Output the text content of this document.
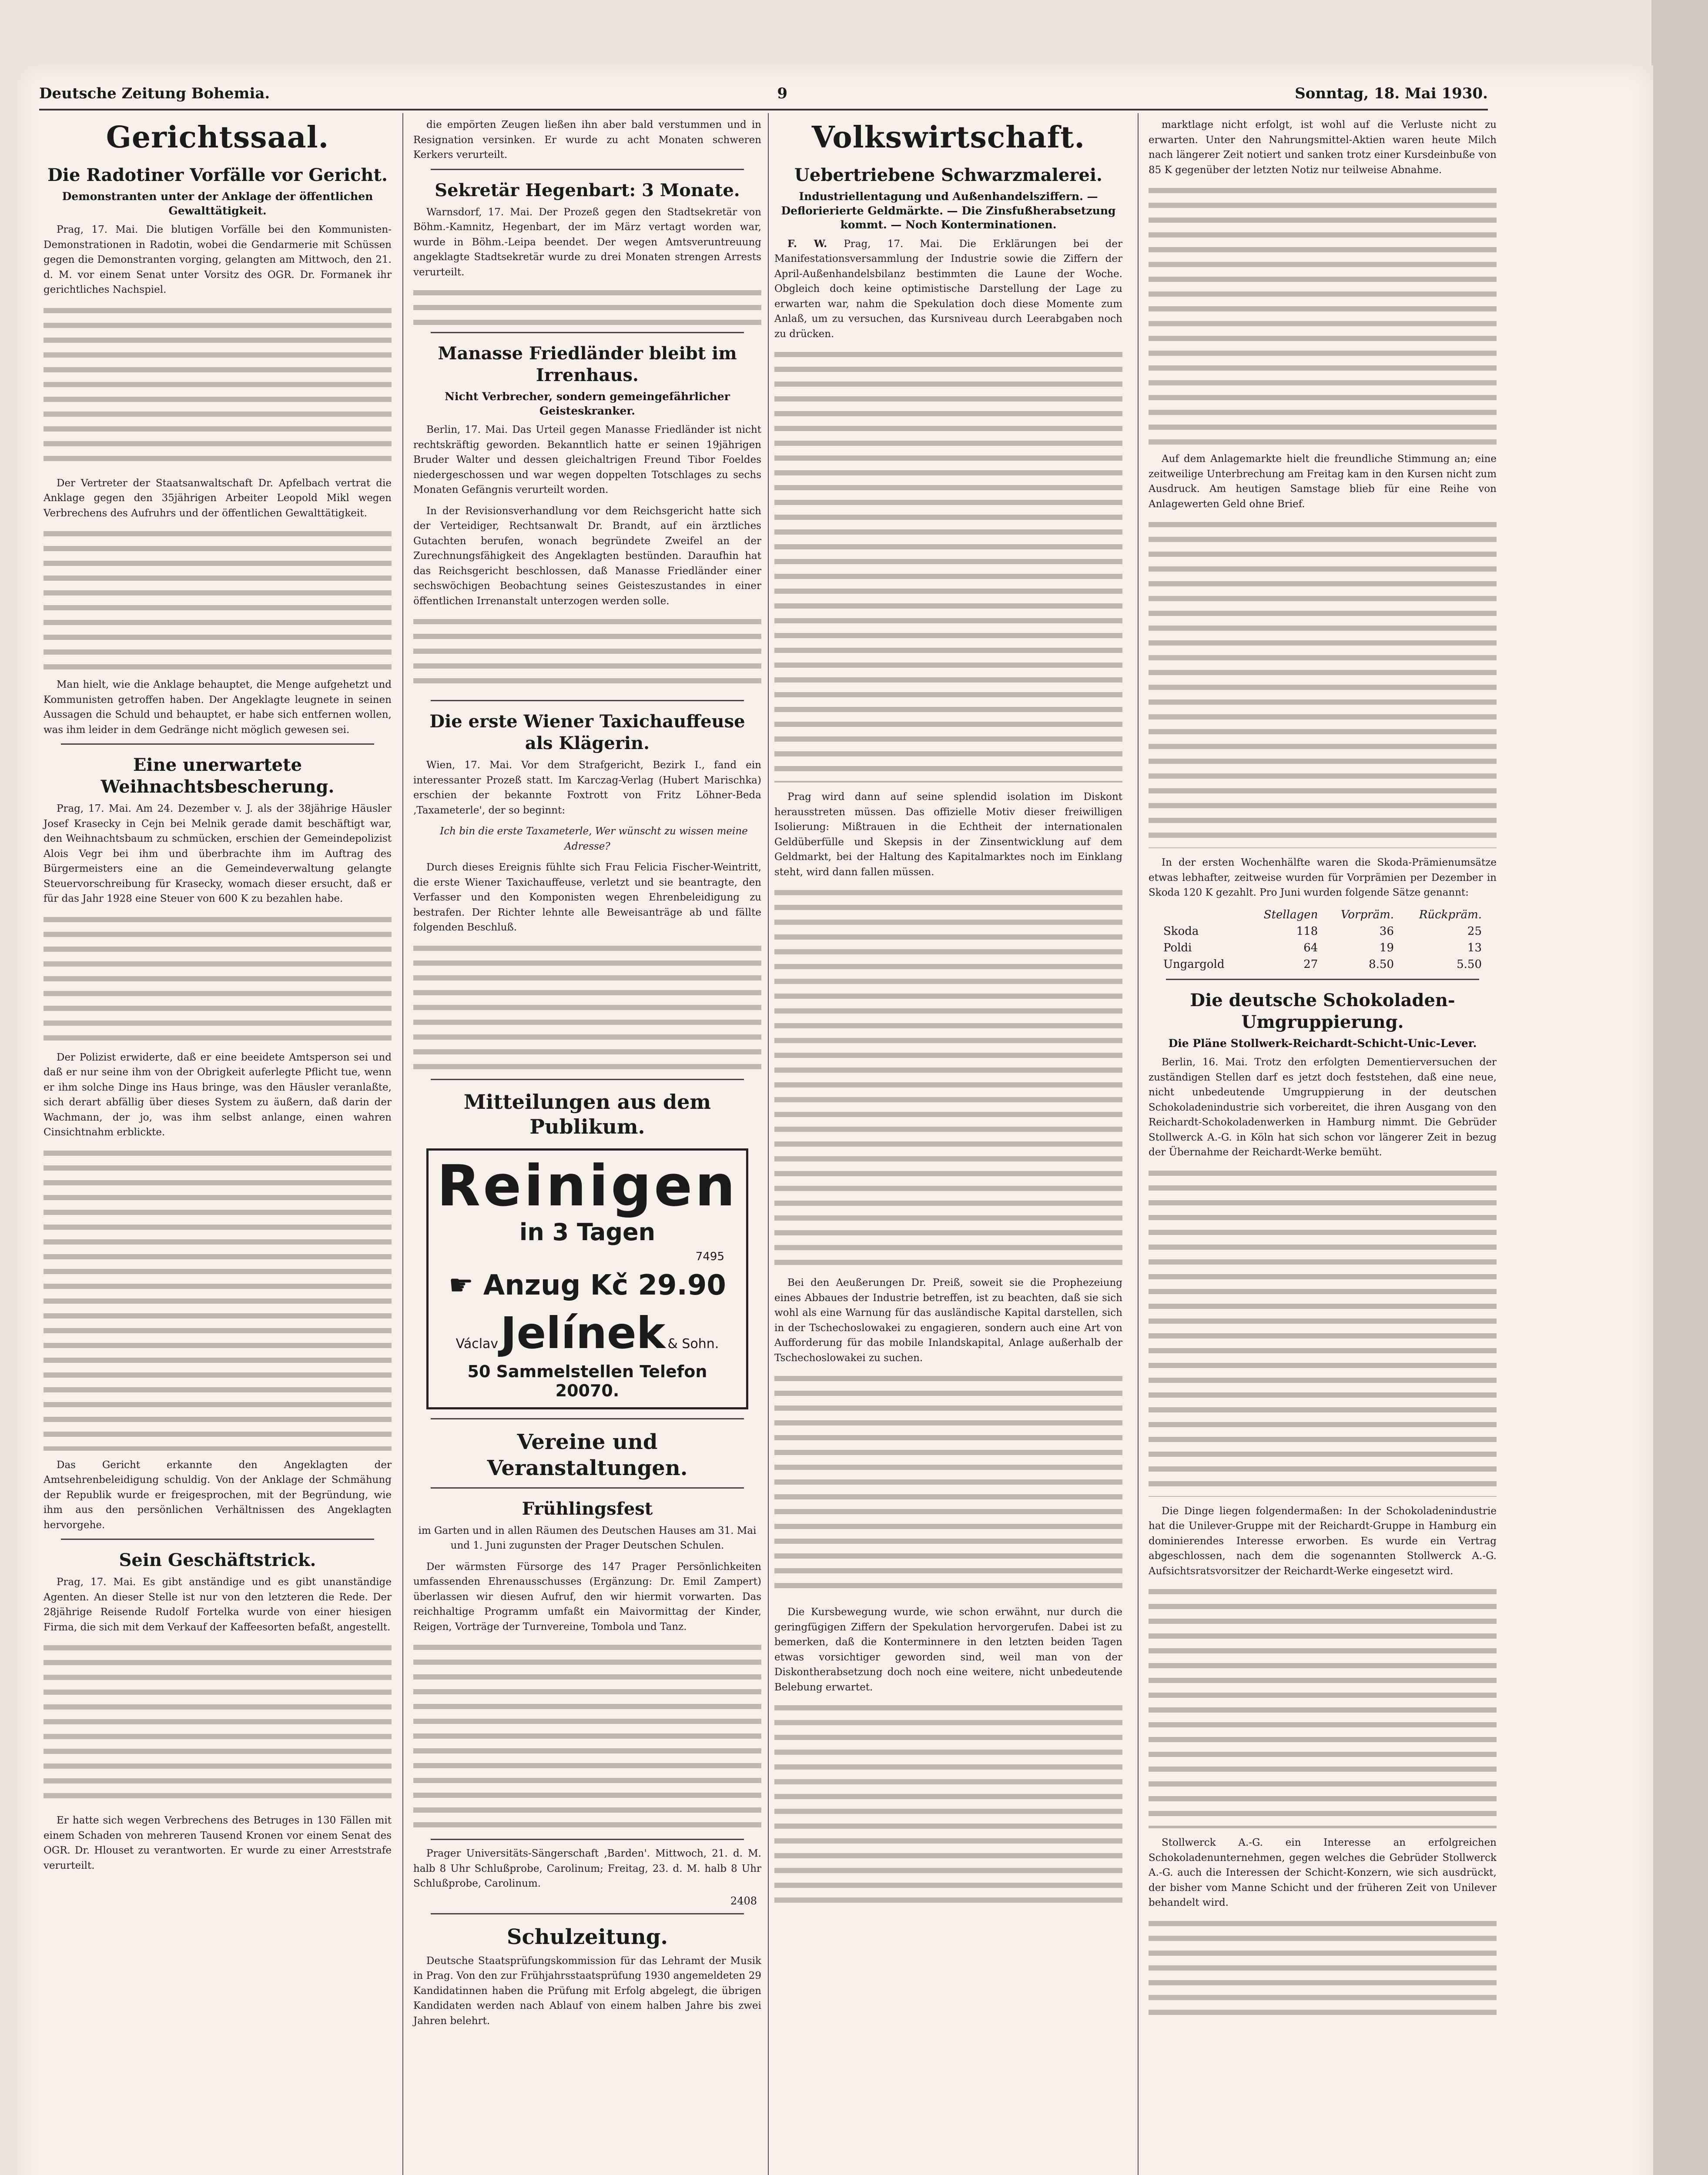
Deutsche Zeitung Bohemia.	9	Sonntag, 18. Mai 1930.
Gerichtssaal.
Die Radotiner Vorfälle vor Gericht.
Demonstranten unter der Anklage der öffentlichen Gewalttätigkeit.

Prag, 17. Mai. Die blutigen Vorfälle bei den Kommunisten-Demonstrationen in Radotin, wobei die Gendarmerie mit Schüssen gegen die Demonstranten vorging, gelangten am Mittwoch, den 21. d. M. vor einem Senat unter Vorsitz des OGR. Dr. Formanek ihr gerichtliches Nachspiel.

Der Vertreter der Staatsanwaltschaft Dr. Apfelbach vertrat die Anklage gegen den 35jährigen Arbeiter Leopold Mikl wegen Verbrechens des Aufruhrs und der öffentlichen Gewalttätigkeit.

Man hielt, wie die Anklage behauptet, die Menge aufgehetzt und Kommunisten getroffen haben. Der Angeklagte leugnete in seinen Aussagen die Schuld und behauptet, er habe sich entfernen wollen, was ihm leider in dem Gedränge nicht möglich gewesen sei.

Eine unerwartete Weihnachtsbescherung.

Prag, 17. Mai. Am 24. Dezember v. J. als der 38jährige Häusler Josef Krasecky in Cejn bei Melnik gerade damit beschäftigt war, den Weihnachtsbaum zu schmücken, erschien der Gemeindepolizist Alois Vegr bei ihm und überbrachte ihm im Auftrag des Bürgermeisters eine an die Gemeindeverwaltung gelangte Steuervorschreibung für Krasecky, womach dieser ersucht, daß er für das Jahr 1928 eine Steuer von 600 K zu bezahlen habe.

Der Polizist erwiderte, daß er eine beeidete Amtsperson sei und daß er nur seine ihm von der Obrigkeit auferlegte Pflicht tue, wenn er ihm solche Dinge ins Haus bringe, was den Häusler veranlaßte, sich derart abfällig über dieses System zu äußern, daß darin der Wachmann, der jo, was ihm selbst anlange, einen wahren Cinsichtnahm erblickte.

Das Gericht erkannte den Angeklagten der Amtsehrenbeleidigung schuldig. Von der Anklage der Schmähung der Republik wurde er freigesprochen, mit der Begründung, wie ihm aus den persönlichen Verhältnissen des Angeklagten hervorgehe.

Sein Geschäftstrick.

Prag, 17. Mai. Es gibt anständige und es gibt unanständige Agenten. An dieser Stelle ist nur von den letzteren die Rede. Der 28jährige Reisende Rudolf Fortelka wurde von einer hiesigen Firma, die sich mit dem Verkauf der Kaffeesorten befaßt, angestellt.

Er hatte sich wegen Verbrechens des Betruges in 130 Fällen mit einem Schaden von mehreren Tausend Kronen vor einem Senat des OGR. Dr. Hlouset zu verantworten. Er wurde zu einer Arreststrafe verurteilt.

die empörten Zeugen ließen ihn aber bald verstummen und in Resignation versinken. Er wurde zu acht Monaten schweren Kerkers verurteilt.

Sekretär Hegenbart: 3 Monate.

Warnsdorf, 17. Mai. Der Prozeß gegen den Stadtsekretär von Böhm.-Kamnitz, Hegenbart, der im März vertagt worden war, wurde in Böhm.-Leipa beendet. Der wegen Amtsveruntreuung angeklagte Stadtsekretär wurde zu drei Monaten strengen Arrests verurteilt.

Manasse Friedländer bleibt im Irrenhaus.
Nicht Verbrecher, sondern gemeingefährlicher Geisteskranker.

Berlin, 17. Mai. Das Urteil gegen Manasse Friedländer ist nicht rechtskräftig geworden. Bekanntlich hatte er seinen 19jährigen Bruder Walter und dessen gleichaltrigen Freund Tibor Foeldes niedergeschossen und war wegen doppelten Totschlages zu sechs Monaten Gefängnis verurteilt worden.

In der Revisionsverhandlung vor dem Reichsgericht hatte sich der Verteidiger, Rechtsanwalt Dr. Brandt, auf ein ärztliches Gutachten berufen, wonach begründete Zweifel an der Zurechnungsfähigkeit des Angeklagten bestünden. Daraufhin hat das Reichsgericht beschlossen, daß Manasse Friedländer einer sechswöchigen Beobachtung seines Geisteszustandes in einer öffentlichen Irrenanstalt unterzogen werden solle.

Die erste Wiener Taxichauffeuse als Klägerin.

Wien, 17. Mai. Vor dem Strafgericht, Bezirk I., fand ein interessanter Prozeß statt. Im Karczag-Verlag (Hubert Marischka) erschien der bekannte Foxtrott von Fritz Löhner-Beda ‚Taxameterle', der so beginnt:

Ich bin die erste Taxameterle, Wer wünscht zu wissen meine Adresse?

Durch dieses Ereignis fühlte sich Frau Felicia Fischer-Weintritt, die erste Wiener Taxichauffeuse, verletzt und sie beantragte, den Verfasser und den Komponisten wegen Ehrenbeleidigung zu bestrafen. Der Richter lehnte alle Beweisanträge ab und fällte folgenden Beschluß.

Mitteilungen aus dem Publikum.
Reinigen
in 3 Tagen
7495
☛ Anzug Kč 29.90
Václav Jelínek & Sohn.
50 Sammelstellen Telefon 20070.
Vereine und Veranstaltungen.
Frühlingsfest

im Garten und in allen Räumen des Deutschen Hauses am 31. Mai und 1. Juni zugunsten der Prager Deutschen Schulen.

Der wärmsten Fürsorge des 147 Prager Persönlichkeiten umfassenden Ehrenausschusses (Ergänzung: Dr. Emil Zampert) überlassen wir diesen Aufruf, den wir hiermit vorwarten. Das reichhaltige Programm umfaßt ein Maivormittag der Kinder, Reigen, Vorträge der Turnvereine, Tombola und Tanz.

Prager Universitäts-Sängerschaft ‚Barden'. Mittwoch, 21. d. M. halb 8 Uhr Schlußprobe, Carolinum; Freitag, 23. d. M. halb 8 Uhr Schlußprobe, Carolinum.

2408
Schulzeitung.

Deutsche Staatsprüfungskommission für das Lehramt der Musik in Prag. Von den zur Frühjahrsstaatsprüfung 1930 angemeldeten 29 Kandidatinnen haben die Prüfung mit Erfolg abgelegt, die übrigen Kandidaten werden nach Ablauf von einem halben Jahre bis zwei Jahren belehrt.

Volkswirtschaft.
Uebertriebene Schwarzmalerei.
Industriellentagung und Außenhandelsziffern. — Deflorierierte Geldmärkte. — Die Zinsfußherabsetzung kommt. — Noch Konterminationen.

F. W. Prag, 17. Mai. Die Erklärungen bei der Manifestationsversammlung der Industrie sowie die Ziffern der April-Außenhandelsbilanz bestimmten die Laune der Woche. Obgleich doch keine optimistische Darstellung der Lage zu erwarten war, nahm die Spekulation doch diese Momente zum Anlaß, um zu versuchen, das Kursniveau durch Leerabgaben noch zu drücken.

Prag wird dann auf seine splendid isolation im Diskont herausstreten müssen. Das offizielle Motiv dieser freiwilligen Isolierung: Mißtrauen in die Echtheit der internationalen Geldüberfülle und Skepsis in der Zinsentwicklung auf dem Geldmarkt, bei der Haltung des Kapitalmarktes noch im Einklang steht, wird dann fallen müssen.

Bei den Aeußerungen Dr. Preiß, soweit sie die Prophezeiung eines Abbaues der Industrie betreffen, ist zu beachten, daß sie sich wohl als eine Warnung für das ausländische Kapital darstellen, sich in der Tschechoslowakei zu engagieren, sondern auch eine Art von Aufforderung für das mobile Inlandskapital, Anlage außerhalb der Tschechoslowakei zu suchen.

Die Kursbewegung wurde, wie schon erwähnt, nur durch die geringfügigen Ziffern der Spekulation hervorgerufen. Dabei ist zu bemerken, daß die Konterminnere in den letzten beiden Tagen etwas vorsichtiger geworden sind, weil man von der Diskontherabsetzung doch noch eine weitere, nicht unbedeutende Belebung erwartet.

marktlage nicht erfolgt, ist wohl auf die Verluste nicht zu erwarten. Unter den Nahrungsmittel-Aktien waren heute Milch nach längerer Zeit notiert und sanken trotz einer Kursdeinbuße von 85 K gegenüber der letzten Notiz nur teilweise Abnahme.

Auf dem Anlagemarkte hielt die freundliche Stimmung an; eine zeitweilige Unterbrechung am Freitag kam in den Kursen nicht zum Ausdruck. Am heutigen Samstage blieb für eine Reihe von Anlagewerten Geld ohne Brief.

In der ersten Wochenhälfte waren die Skoda-Prämienumsätze etwas lebhafter, zeitweise wurden für Vorprämien per Dezember in Skoda 120 K gezahlt. Pro Juni wurden folgende Sätze genannt:

	Stellagen	Vorpräm.	Rückpräm.
Skoda	118	36	25
Poldi	64	19	13
Ungargold	27	8.50	5.50
Die deutsche Schokoladen-Umgruppierung.
Die Pläne Stollwerk-Reichardt-Schicht-Unic-Lever.

Berlin, 16. Mai. Trotz den erfolgten Dementierversuchen der zuständigen Stellen darf es jetzt doch feststehen, daß eine neue, nicht unbedeutende Umgruppierung in der deutschen Schokoladenindustrie sich vorbereitet, die ihren Ausgang von den Reichardt-Schokoladenwerken in Hamburg nimmt. Die Gebrüder Stollwerck A.-G. in Köln hat sich schon vor längerer Zeit in bezug der Übernahme der Reichardt-Werke bemüht.

Die Dinge liegen folgendermaßen: In der Schokoladenindustrie hat die Unilever-Gruppe mit der Reichardt-Gruppe in Hamburg ein dominierendes Interesse erworben. Es wurde ein Vertrag abgeschlossen, nach dem die sogenannten Stollwerck A.-G. Aufsichtsratsvorsitzer der Reichardt-Werke eingesetzt wird.

Stollwerck A.-G. ein Interesse an erfolgreichen Schokoladenunternehmen, gegen welches die Gebrüder Stollwerck A.-G. auch die Interessen der Schicht-Konzern, wie sich ausdrückt, der bisher vom Manne Schicht und der früheren Zeit von Unilever behandelt wird.
